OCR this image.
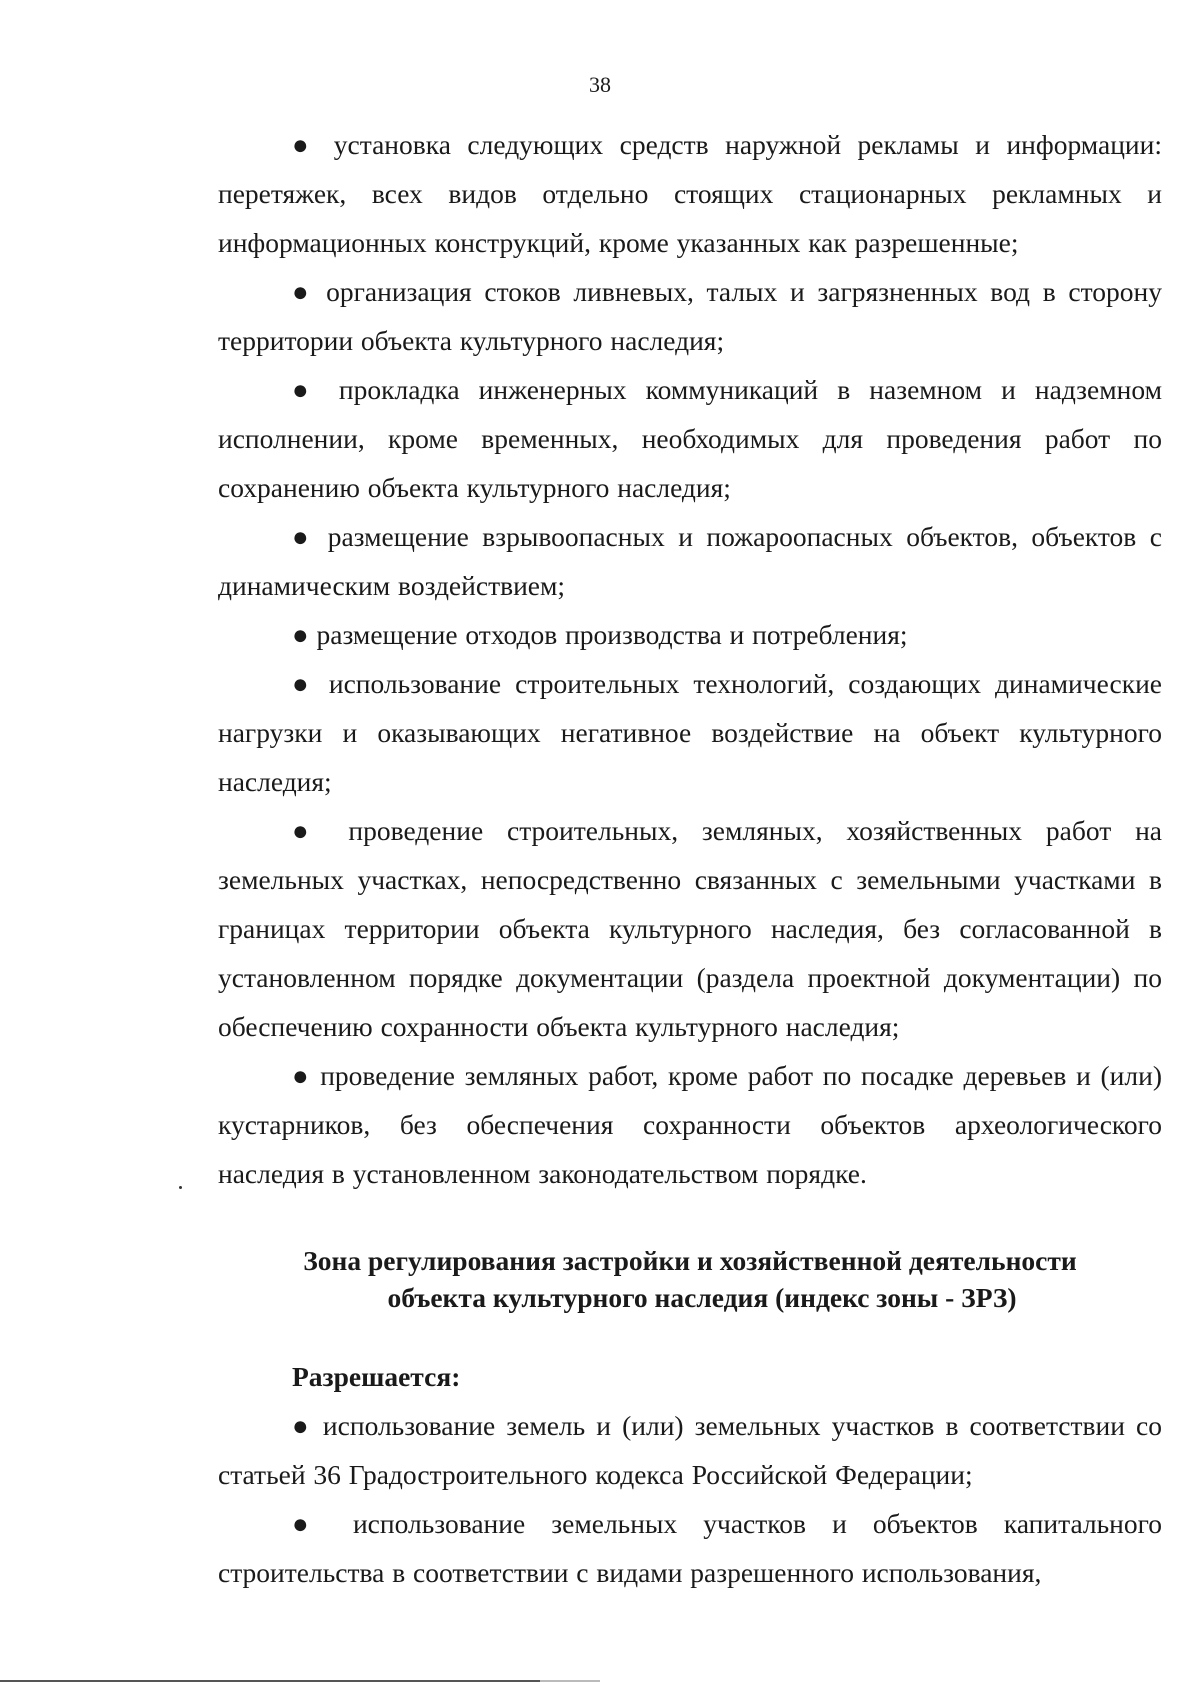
38

● установка следующих средств наружной рекламы и информации: перетяжек, всех видов отдельно стоящих стационарных рекламных и информационных конструкций, кроме указанных как разрешенные;

● организация стоков ливневых, талых и загрязненных вод в сторону территории объекта культурного наследия;

● прокладка инженерных коммуникаций в наземном и надземном исполнении, кроме временных, необходимых для проведения работ по сохранению объекта культурного наследия;

● размещение взрывоопасных и пожароопасных объектов, объектов с динамическим воздействием;

● размещение отходов производства и потребления;

● использование строительных технологий, создающих динамические нагрузки и оказывающих негативное воздействие на объект культурного наследия;

● проведение строительных, земляных, хозяйственных работ на земельных участках, непосредственно связанных с земельными участками в границах территории объекта культурного наследия, без согласованной в установленном порядке документации (раздела проектной документации) по обеспечению сохранности объекта культурного наследия;

● проведение земляных работ, кроме работ по посадке деревьев и (или) кустарников, без обеспечения сохранности объектов археологического наследия в установленном законодательством порядке.

Зона регулирования застройки и хозяйственной деятельности
объекта культурного наследия (индекс зоны - ЗРЗ)

Разрешается:

● использование земель и (или) земельных участков в соответствии со статьей 36 Градостроительного кодекса Российской Федерации;

● использование земельных участков и объектов капитального строительства в соответствии с видами разрешенного использования,
